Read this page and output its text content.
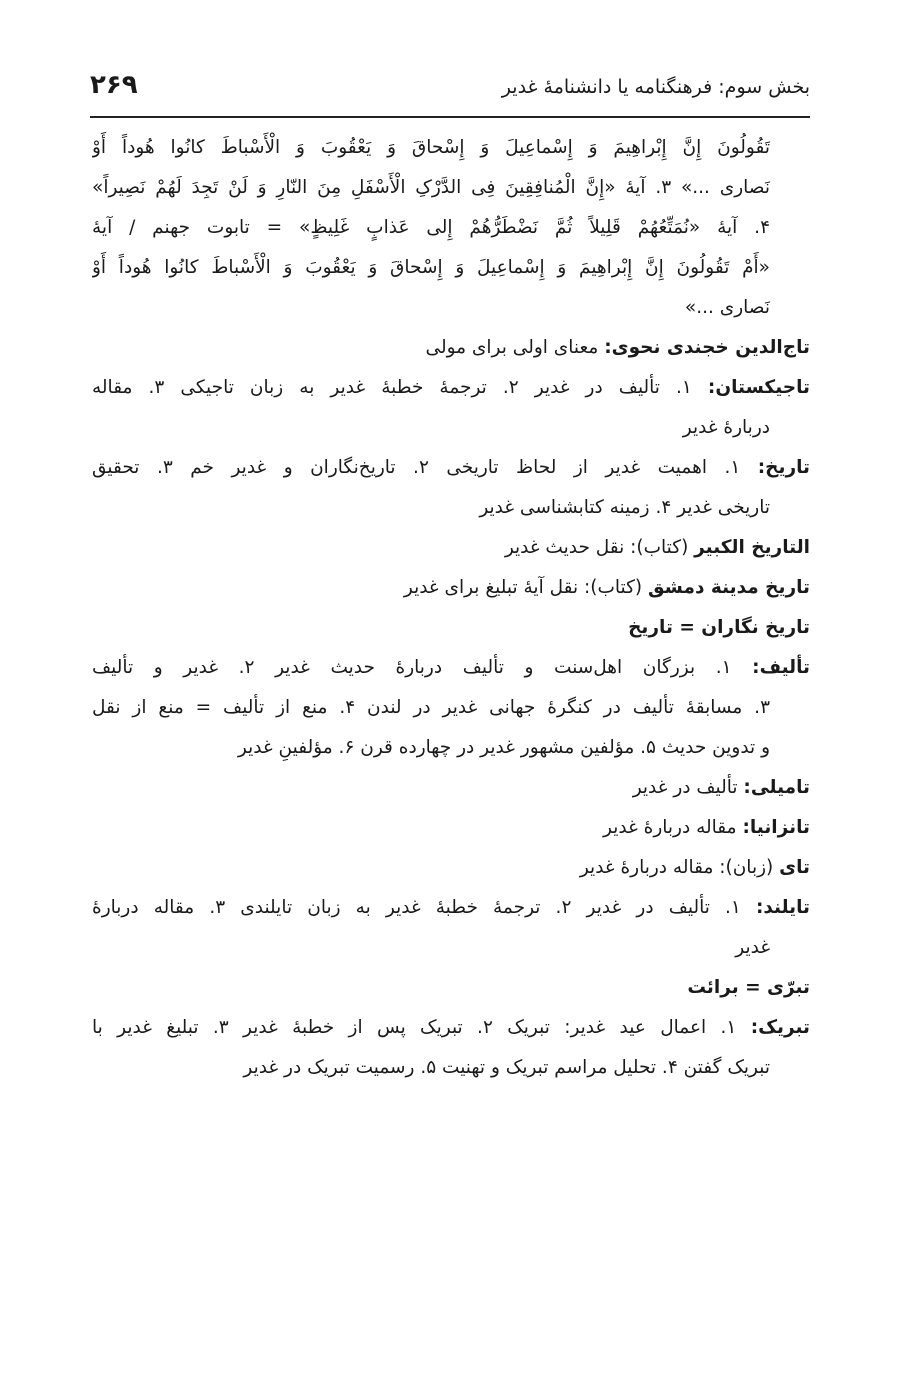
بخش سوم: فرهنگنامه یا دانشنامهٔ غدیر
۲۶۹
تَقُولُونَ إِنَّ إِبْراهِیمَ وَ إِسْماعِیلَ وَ إِسْحاقَ وَ یَعْقُوبَ وَ الْأَسْباطَ کانُوا هُوداً أَوْ
نَصاری ...» ۳. آیهٔ «إِنَّ الْمُنافِقِینَ فِی الدَّرْکِ الْأَسْفَلِ مِنَ النّارِ وَ لَنْ تَجِدَ لَهُمْ نَصِیراً»
۴. آیهٔ «نُمَتِّعُهُمْ قَلِیلاً ثُمَّ نَضْطَرُّهُمْ إِلی عَذابٍ غَلِیظٍ» = تابوت جهنم / آیهٔ
«أَمْ تَقُولُونَ إِنَّ إِبْراهِیمَ وَ إِسْماعِیلَ وَ إِسْحاقَ وَ یَعْقُوبَ وَ الْأَسْباطَ کانُوا هُوداً أَوْ
نَصاری ...»
تاج‌الدین خجندی نحوی: معنای اولی برای مولی
تاجیکستان: ۱. تألیف در غدیر ۲. ترجمهٔ خطبهٔ غدیر به زبان تاجیکی ۳. مقاله
دربارهٔ غدیر
تاریخ: ۱. اهمیت غدیر از لحاظ تاریخی ۲. تاریخ‌نگاران و غدیر خم ۳. تحقیق
تاریخی غدیر ۴. زمینه کتابشناسی غدیر
التاریخ الکبیر (کتاب): نقل حدیث غدیر
تاریخ مدینة دمشق (کتاب): نقل آیهٔ تبلیغ برای غدیر
تاریخ نگاران = تاریخ
تألیف: ۱. بزرگان اهل‌سنت و تألیف دربارهٔ حدیث غدیر ۲. غدیر و تألیف
۳. مسابقهٔ تألیف در کنگرهٔ جهانی غدیر در لندن ۴. منع از تألیف = منع از نقل
و تدوین حدیث ۵. مؤلفین مشهور غدیر در چهارده قرن ۶. مؤلفینِ غدیر
تامیلی: تألیف در غدیر
تانزانیا: مقاله دربارهٔ غدیر
تای (زبان): مقاله دربارهٔ غدیر
تایلند: ۱. تألیف در غدیر ۲. ترجمهٔ خطبهٔ غدیر به زبان تایلندی ۳. مقاله دربارهٔ
غدیر
تبرّی = برائت
تبریک: ۱. اعمال عید غدیر: تبریک ۲. تبریک پس از خطبهٔ غدیر ۳. تبلیغ غدیر با
تبریک گفتن ۴. تحلیل مراسم تبریک و تهنیت ۵. رسمیت تبریک در غدیر
